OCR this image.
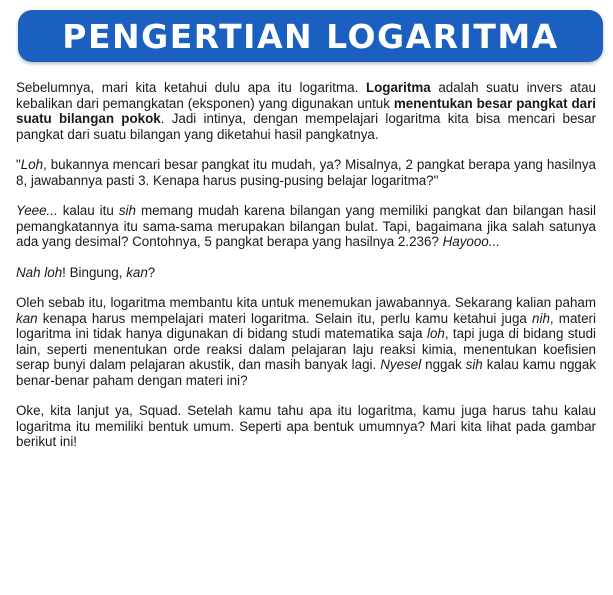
PENGERTIAN LOGARITMA

Sebelumnya, mari kita ketahui dulu apa itu logaritma. Logaritma adalah suatu invers atau kebalikan dari pemangkatan (eksponen) yang digunakan untuk menentukan besar pangkat dari suatu bilangan pokok. Jadi intinya, dengan mempelajari logaritma kita bisa mencari besar pangkat dari suatu bilangan yang diketahui hasil pangkatnya.

"Loh, bukannya mencari besar pangkat itu mudah, ya? Misalnya, 2 pangkat berapa yang hasilnya 8, jawabannya pasti 3. Kenapa harus pusing-pusing belajar logaritma?"

Yeee... kalau itu sih memang mudah karena bilangan yang memiliki pangkat dan bilangan hasil pemangkatannya itu sama-sama merupakan bilangan bulat. Tapi, bagaimana jika salah satunya ada yang desimal? Contohnya, 5 pangkat berapa yang hasilnya 2.236? Hayooo...

Nah loh! Bingung, kan?

Oleh sebab itu, logaritma membantu kita untuk menemukan jawabannya. Sekarang kalian paham kan kenapa harus mempelajari materi logaritma. Selain itu, perlu kamu ketahui juga nih, materi logaritma ini tidak hanya digunakan di bidang studi matematika saja loh, tapi juga di bidang studi lain, seperti menentukan orde reaksi dalam pelajaran laju reaksi kimia, menentukan koefisien serap bunyi dalam pelajaran akustik, dan masih banyak lagi. Nyesel nggak sih kalau kamu nggak benar-benar paham dengan materi ini?

Oke, kita lanjut ya, Squad. Setelah kamu tahu apa itu logaritma, kamu juga harus tahu kalau logaritma itu memiliki bentuk umum. Seperti apa bentuk umumnya? Mari kita lihat pada gambar berikut ini!
